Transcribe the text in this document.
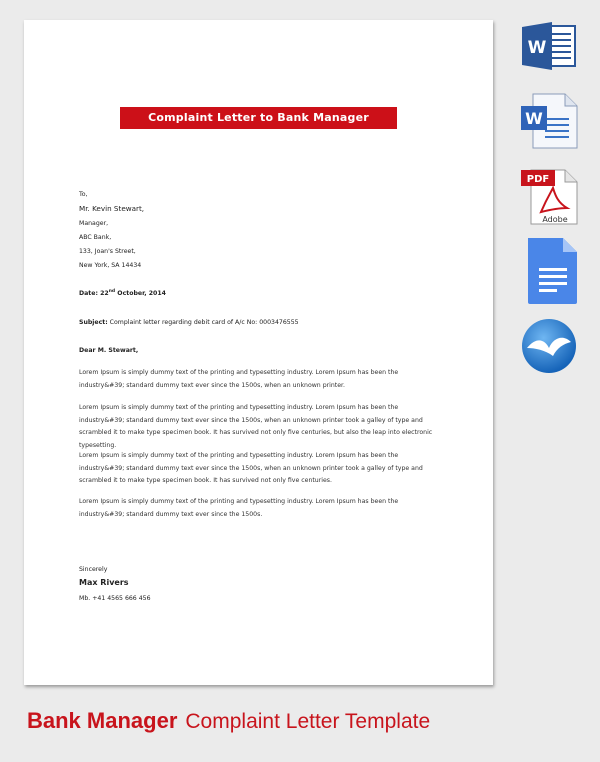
Complaint Letter to Bank Manager
To,
Mr. Kevin Stewart,
Manager,
ABC Bank,
133, Joan's Street,
New York, SA 14434
Date: 22nd October, 2014
Subject: Complaint letter regarding debit card of A/c No: 0003476555
Dear M. Stewart,
Lorem Ipsum is simply dummy text of the printing and typesetting industry. Lorem Ipsum has been the industry&#39; standard dummy text ever since the 1500s, when an unknown printer.
Lorem Ipsum is simply dummy text of the printing and typesetting industry. Lorem Ipsum has been the industry&#39; standard dummy text ever since the 1500s, when an unknown printer took a galley of type and scrambled it to make type specimen book. It has survived not only five centuries, but also the leap into electronic typesetting.
Lorem Ipsum is simply dummy text of the printing and typesetting industry. Lorem Ipsum has been the industry&#39; standard dummy text ever since the 1500s, when an unknown printer took a galley of type and scrambled it to make type specimen book. It has survived not only five centuries.
Lorem Ipsum is simply dummy text of the printing and typesetting industry. Lorem Ipsum has been the industry&#39; standard dummy text ever since the 1500s.
Sincerely
Max Rivers
Mb. +41 4565 666 456
W
W
PDF
Adobe
Bank Manager Complaint Letter Template
